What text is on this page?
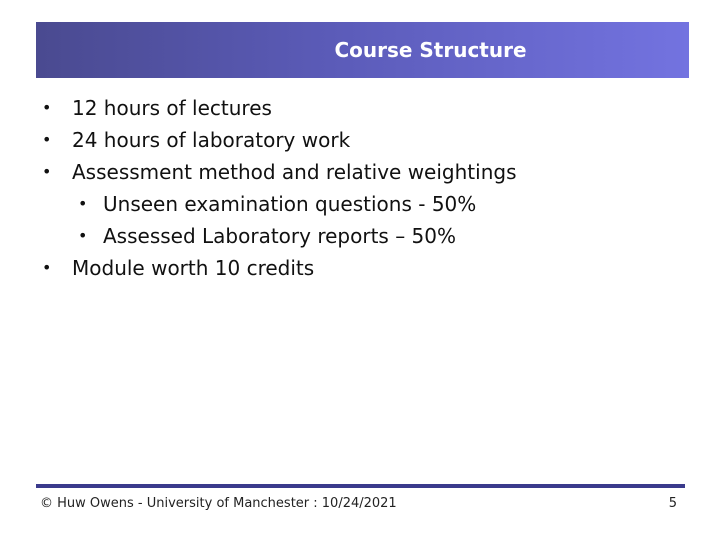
Course Structure
• 12 hours of lectures
• 24 hours of laboratory work
• Assessment method and relative weightings
• Unseen examination questions - 50%
• Assessed Laboratory reports – 50%
• Module worth 10 credits
© Huw Owens - University of Manchester : 10/24/2021	5
